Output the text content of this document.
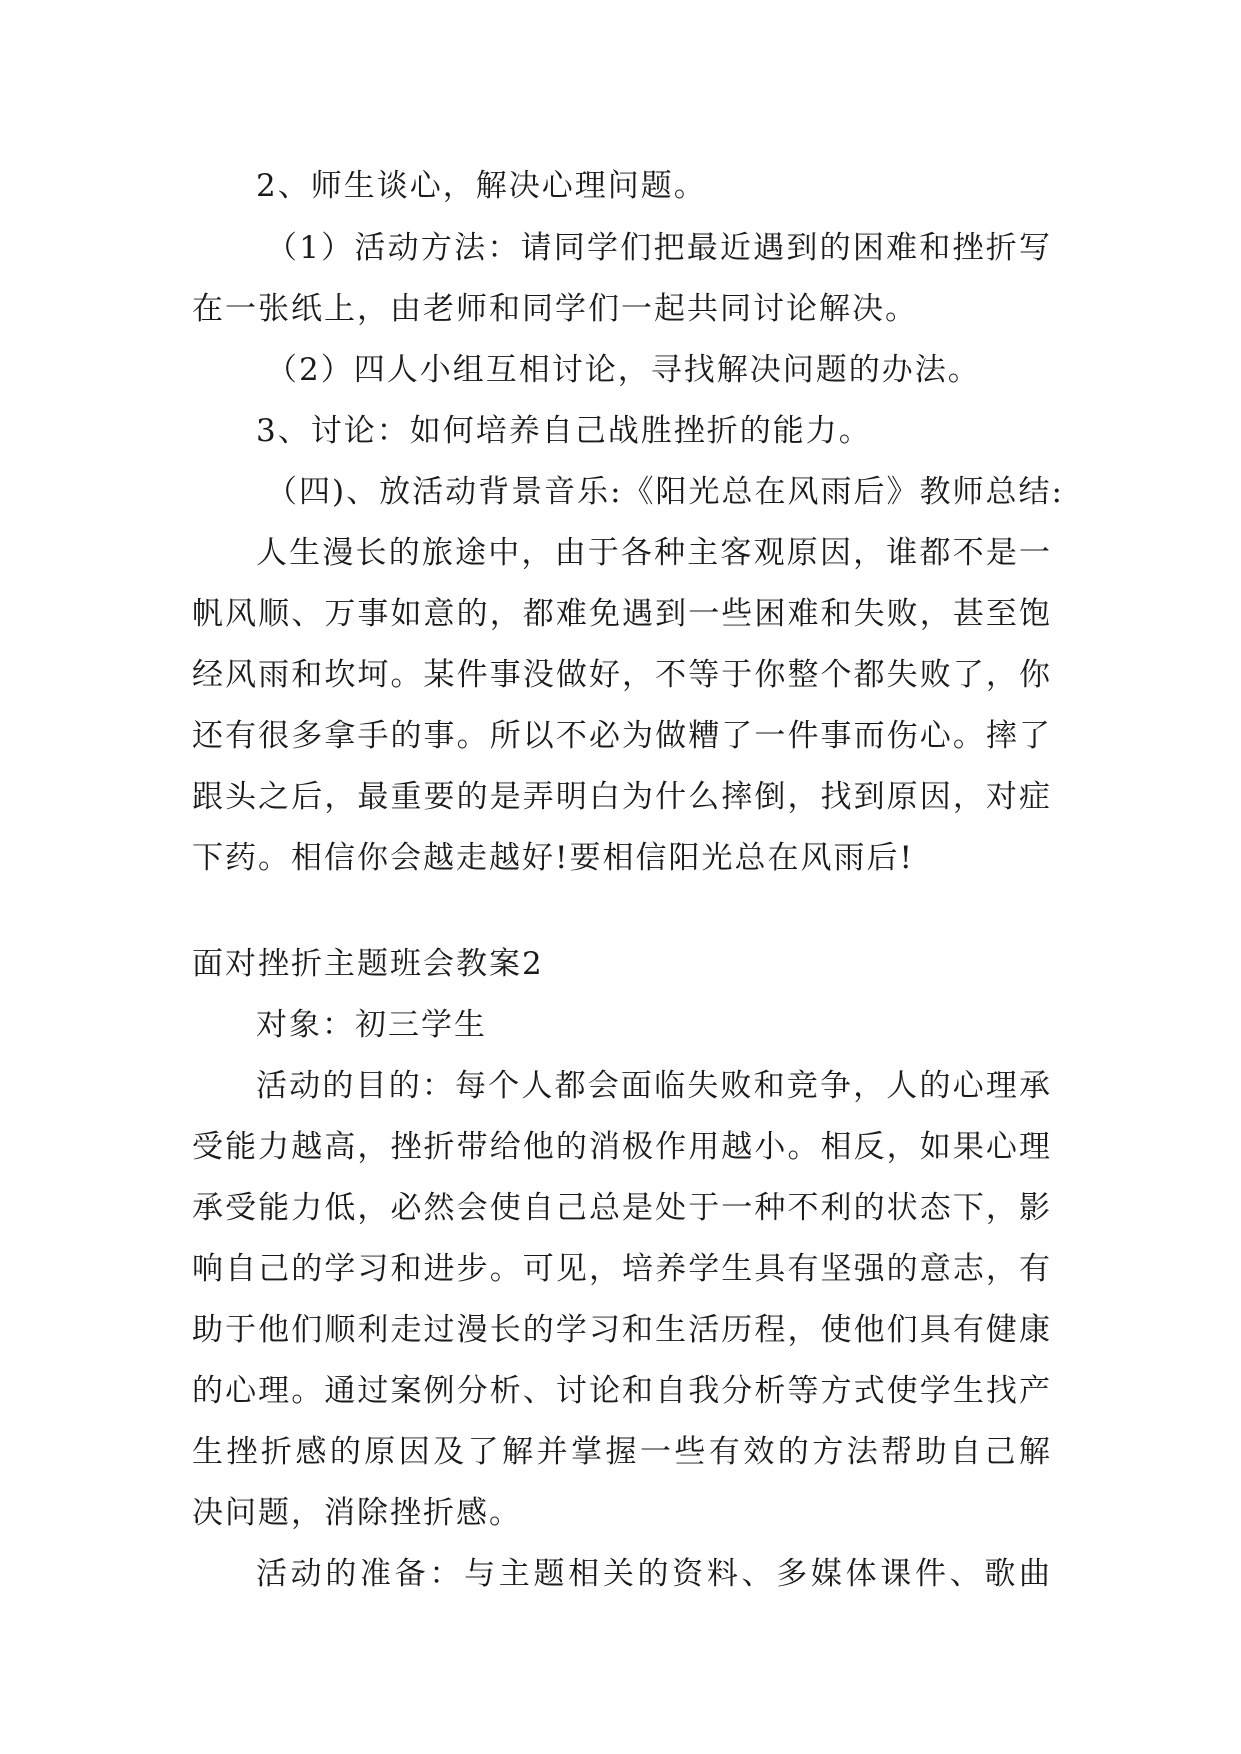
2、师生谈心，解决心理问题。
（1）活动方法：请同学们把最近遇到的困难和挫折写
在一张纸上，由老师和同学们一起共同讨论解决。
（2）四人小组互相讨论，寻找解决问题的办法。
3、讨论：如何培养自己战胜挫折的能力。
（四)、放活动背景音乐:《阳光总在风雨后》教师总结:
人生漫长的旅途中，由于各种主客观原因，谁都不是一
帆风顺、万事如意的，都难免遇到一些困难和失败，甚至饱
经风雨和坎坷。某件事没做好，不等于你整个都失败了，你
还有很多拿手的事。所以不必为做糟了一件事而伤心。摔了
跟头之后，最重要的是弄明白为什么摔倒，找到原因，对症
下药。相信你会越走越好!要相信阳光总在风雨后!
面对挫折主题班会教案2
对象：初三学生
活动的目的：每个人都会面临失败和竞争，人的心理承
受能力越高，挫折带给他的消极作用越小。相反，如果心理
承受能力低，必然会使自己总是处于一种不利的状态下，影
响自己的学习和进步。可见，培养学生具有坚强的意志，有
助于他们顺利走过漫长的学习和生活历程，使他们具有健康
的心理。通过案例分析、讨论和自我分析等方式使学生找产
生挫折感的原因及了解并掌握一些有效的方法帮助自己解
决问题，消除挫折感。
活动的准备：与主题相关的资料、多媒体课件、歌曲
